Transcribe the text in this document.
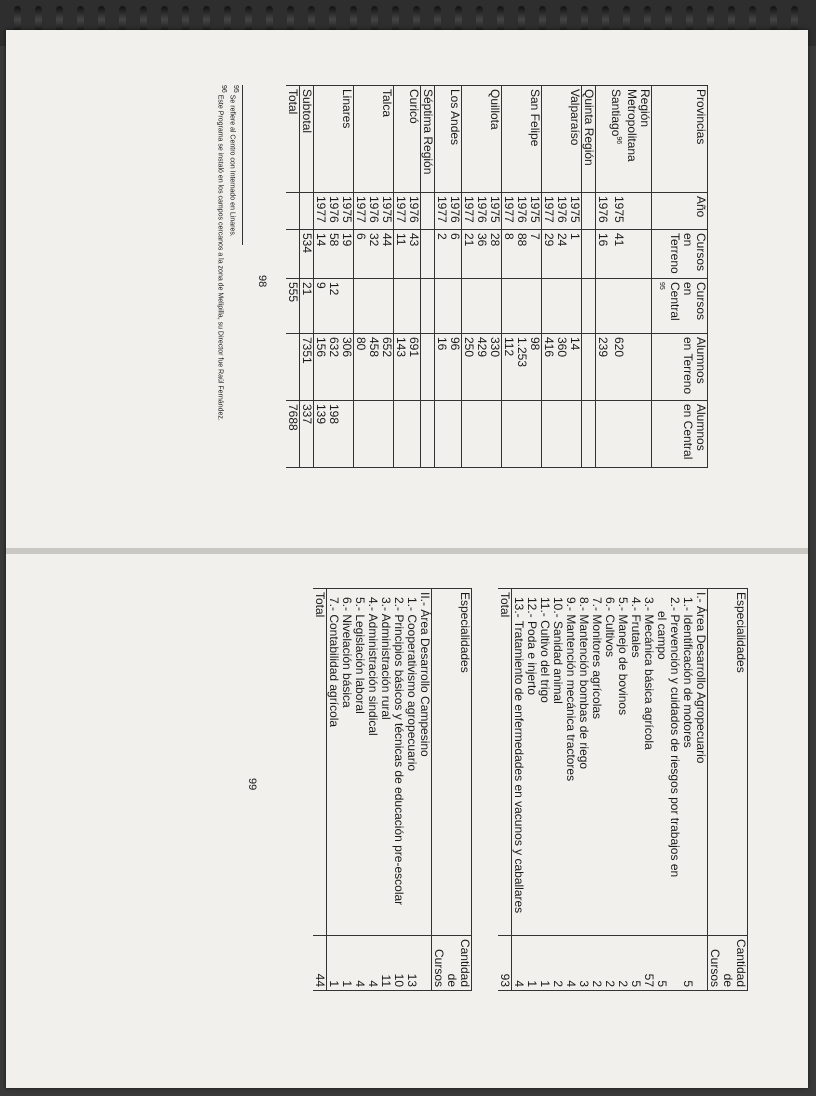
Provincias	Año	Cursos en Terreno	Cursos en Central $^{95}$	Alumnos en Terreno	Alumnos en Central
Región Metropolitana					
Santiago$^{96}$	1975	41		620	
	1976	16		239	
Quinta Región					
Valparaíso	1975	1		14	
	1976	24		360	
	1977	29		416	
San Felipe	1975	7		98	
	1976	88		1.253	
	1977	8		112	
Quillota	1975	28		330	
	1976	36		429	
	1977	21		250	
Los Andes	1976	6		96	
	1977	2		16	
Séptima Región					
Curicó	1976	43		691	
	1977	11		143	
Talca	1975	44		652	
	1976	32		458	
	1977	6		80	
Linares	1975	19		306	
	1976	58	12	632	198
	1977	14	9	156	139
Subtotal		534	21	7351	337
Total			555		7688
98
$^{95}$ Se refiere al Centro con Internado en Linares.
$^{96}$ Este Programa se instaló en los campos cercanos a la zona de Melipilla, su Director fue Raúl Fernández.
Especialidades	Cantidad de Cursos
I.- Área Desarrollo Agropecuario	
1.- Identificación de motores	5
2.- Prevención y cuidados de riesgos por trabajos en	
el campo	5
3.- Mecánica básica agrícola	57
4.- Frutales	5
5.- Manejo de bovinos	2
6.- Cultivos	2
7.- Monitores agrícolas	2
8.- Mantención bombas de riego	3
9.- Mantención mecánica tractores	4
10.- Sanidad animal	2
11.- Cultivo del trigo	1
12.- Poda e injerto	1
13.- Tratamiento de enfermedades en vacunos y caballares	4
Total	93
Especialidades	Cantidad de Cursos
II.- Área Desarrollo Campesino	
1.- Cooperativismo agropecuario	13
2.- Principios básicos y técnicas de educación pre-escolar	10
3.- Administración rural	11
4.- Administración sindical	4
5.- Legislación laboral	4
6.- Nivelación básica	1
7.- Contabilidad agrícola	1
Total	44
99
